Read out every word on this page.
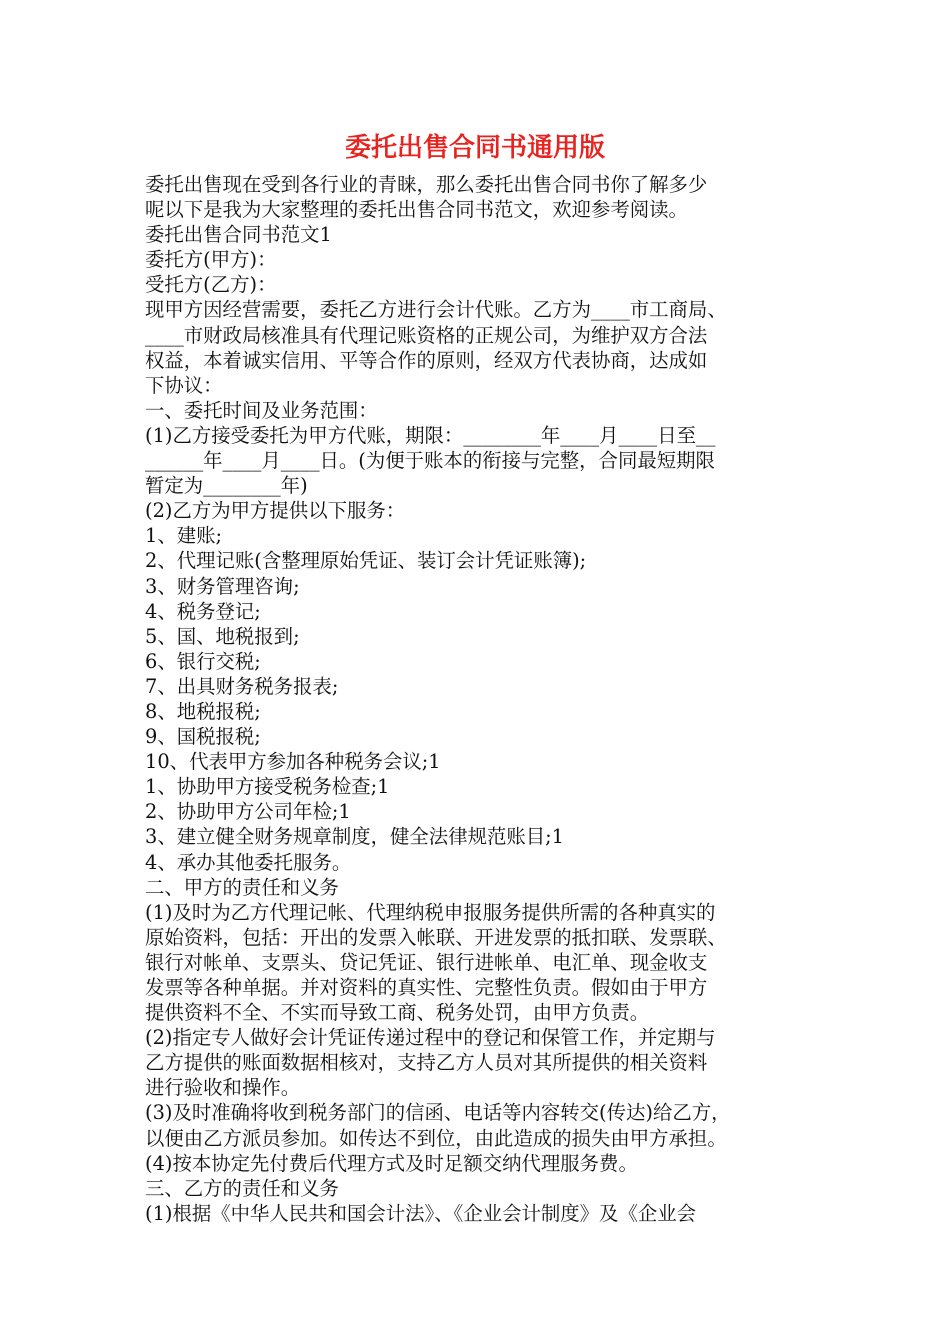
委托出售合同书通用版
委托出售现在受到各行业的青睐，那么委托出售合同书你了解多少
呢以下是我为大家整理的委托出售合同书范文，欢迎参考阅读。
委托出售合同书范文1
委托方(甲方)：
受托方(乙方)：
现甲方因经营需要，委托乙方进行会计代账。乙方为____市工商局、
____市财政局核准具有代理记账资格的正规公司，为维护双方合法
权益，本着诚实信用、平等合作的原则，经双方代表协商，达成如
下协议：
一、委托时间及业务范围：
(1)乙方接受委托为甲方代账，期限：________年____月____日至__
______年____月____日。(为便于账本的衔接与完整，合同最短期限
暂定为________年)
(2)乙方为甲方提供以下服务：
1、建账;
2、代理记账(含整理原始凭证、装订会计凭证账簿);
3、财务管理咨询;
4、税务登记;
5、国、地税报到;
6、银行交税;
7、出具财务税务报表;
8、地税报税;
9、国税报税;
10、代表甲方参加各种税务会议;1
1、协助甲方接受税务检查;1
2、协助甲方公司年检;1
3、建立健全财务规章制度，健全法律规范账目;1
4、承办其他委托服务。
二、甲方的责任和义务
(1)及时为乙方代理记帐、代理纳税申报服务提供所需的各种真实的
原始资料，包括：开出的发票入帐联、开进发票的抵扣联、发票联、
银行对帐单、支票头、贷记凭证、银行进帐单、电汇单、现金收支
发票等各种单据。并对资料的真实性、完整性负责。假如由于甲方
提供资料不全、不实而导致工商、税务处罚，由甲方负责。
(2)指定专人做好会计凭证传递过程中的登记和保管工作，并定期与
乙方提供的账面数据相核对，支持乙方人员对其所提供的相关资料
进行验收和操作。
(3)及时准确将收到税务部门的信函、电话等内容转交(传达)给乙方，
以便由乙方派员参加。如传达不到位，由此造成的损失由甲方承担。
(4)按本协定先付费后代理方式及时足额交纳代理服务费。
三、乙方的责任和义务
(1)根据《中华人民共和国会计法》、《企业会计制度》及《企业会
